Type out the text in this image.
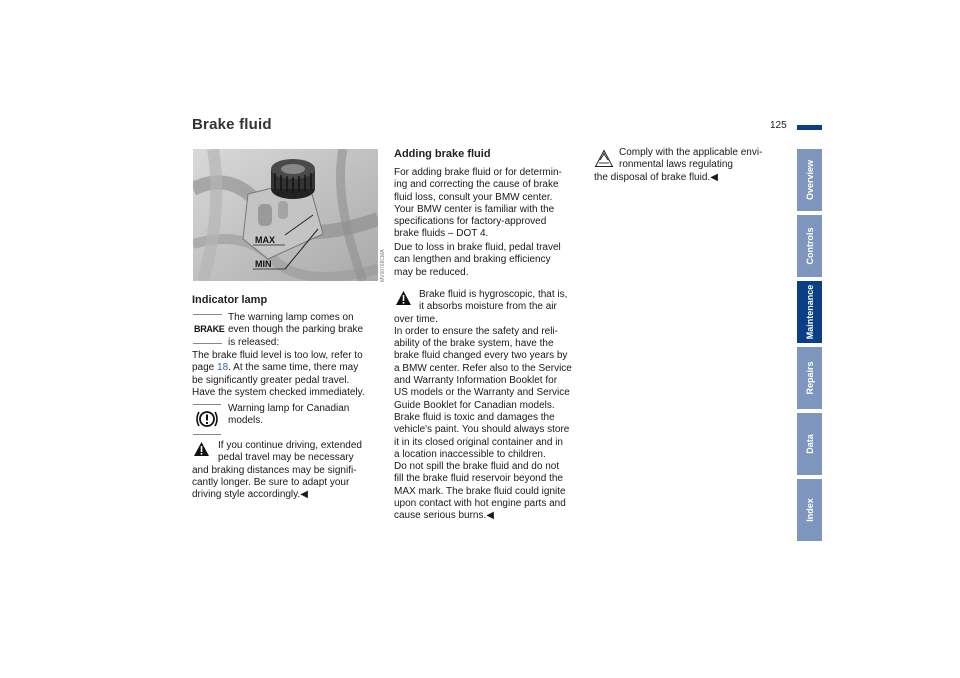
Brake fluid	125
Overview
Controls
Maintenance
Repairs
Data
Index
MAX
MIN	MV00769CMA
Indicator lamp
BRAKE
The warning lamp comes on
even though the parking brake
is released:
The brake fluid level is too low, refer to
page 18. At the same time, there may
be significantly greater pedal travel.
Have the system checked immediately.
Warning lamp for Canadian
models.
If you continue driving, extended
pedal travel may be necessary
and braking distances may be signifi-
cantly longer. Be sure to adapt your
driving style accordingly.◀
Adding brake fluid
For adding brake fluid or for determin-
ing and correcting the cause of brake
fluid loss, consult your BMW center.
Your BMW center is familiar with the
specifications for factory-approved
brake fluids – DOT 4.
Due to loss in brake fluid, pedal travel
can lengthen and braking efficiency
may be reduced.
Brake fluid is hygroscopic, that is,
it absorbs moisture from the air
over time.
In order to ensure the safety and reli-
ability of the brake system, have the
brake fluid changed every two years by
a BMW center. Refer also to the Service
and Warranty Information Booklet for
US models or the Warranty and Service
Guide Booklet for Canadian models.
Brake fluid is toxic and damages the
vehicle's paint. You should always store
it in its closed original container and in
a location inaccessible to children.
Do not spill the brake fluid and do not
fill the brake fluid reservoir beyond the
MAX mark. The brake fluid could ignite
upon contact with hot engine parts and
cause serious burns.◀
Comply with the applicable envi-
ronmental laws regulating
the disposal of brake fluid.◀
